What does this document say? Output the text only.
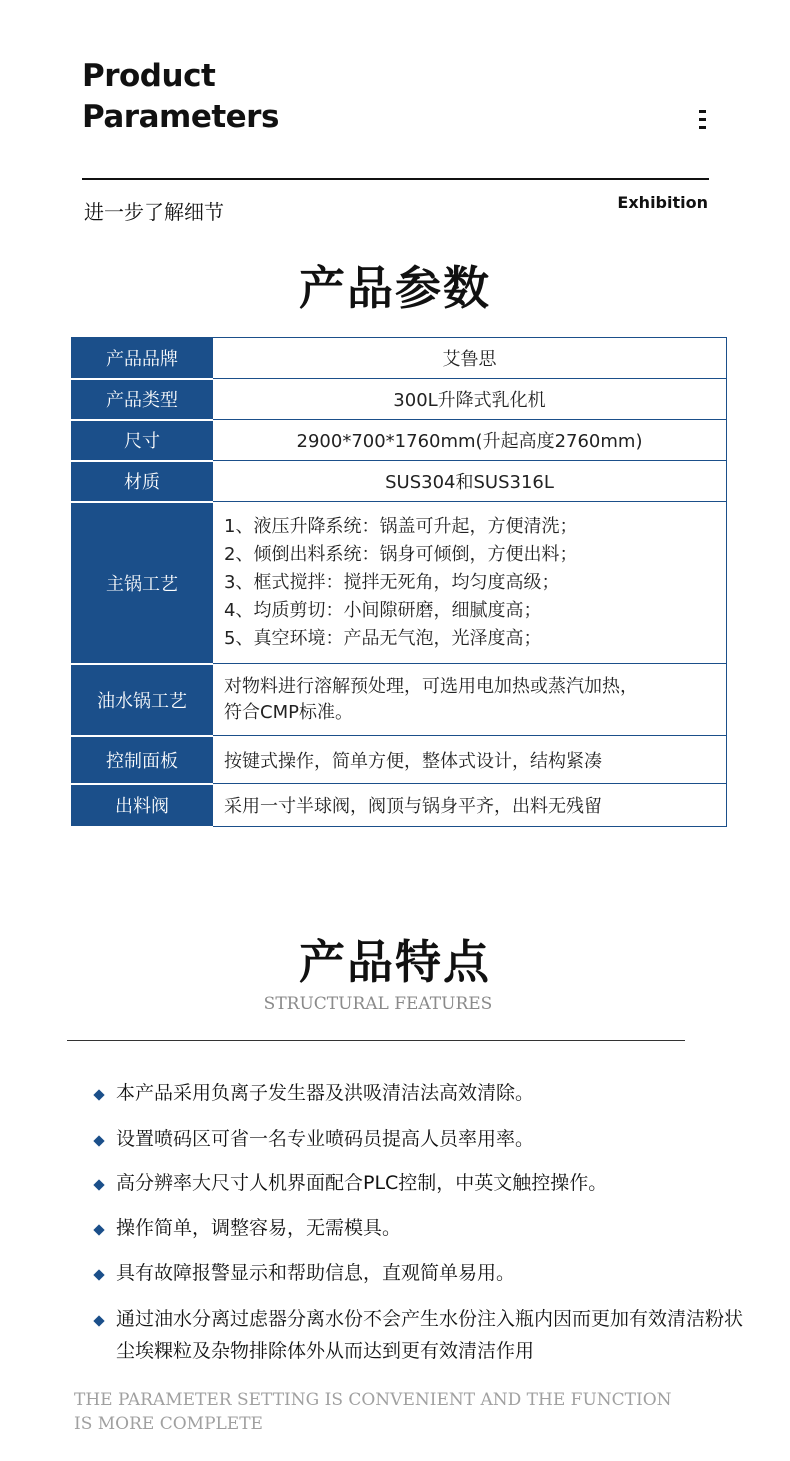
Product
Parameters
进一步了解细节	Exhibition
产品参数
产品品牌	艾鲁思
产品类型	300L升降式乳化机
尺寸	2900*700*1760mm(升起高度2760mm)
材质	SUS304和SUS316L
主锅工艺	1、液压升降系统：锅盖可升起，方便清洗；
2、倾倒出料系统：锅身可倾倒，方便出料；
3、框式搅拌：搅拌无死角，均匀度高级；
4、均质剪切：小间隙研磨，细腻度高；
5、真空环境：产品无气泡，光泽度高；

油水锅工艺	对物料进行溶解预处理，可选用电加热或蒸汽加热，
符合CMP标准。

控制面板	按键式操作，简单方便，整体式设计，结构紧凑
出料阀	采用一寸半球阀，阀顶与锅身平齐，出料无残留
产品特点
STRUCTURAL FEATURES
本产品采用负离子发生器及洪吸清洁法高效清除。
设置喷码区可省一名专业喷码员提高人员率用率。
高分辨率大尺寸人机界面配合PLC控制，中英文触控操作。
操作简单，调整容易，无需模具。
具有故障报警显示和帮助信息，直观简单易用。
通过油水分离过虑器分离水份不会产生水份注入瓶内因而更加有效清洁粉状尘埃粿粒及杂物排除体外从而达到更有效清洁作用
THE PARAMETER SETTING IS CONVENIENT AND THE FUNCTION
IS MORE COMPLETE
